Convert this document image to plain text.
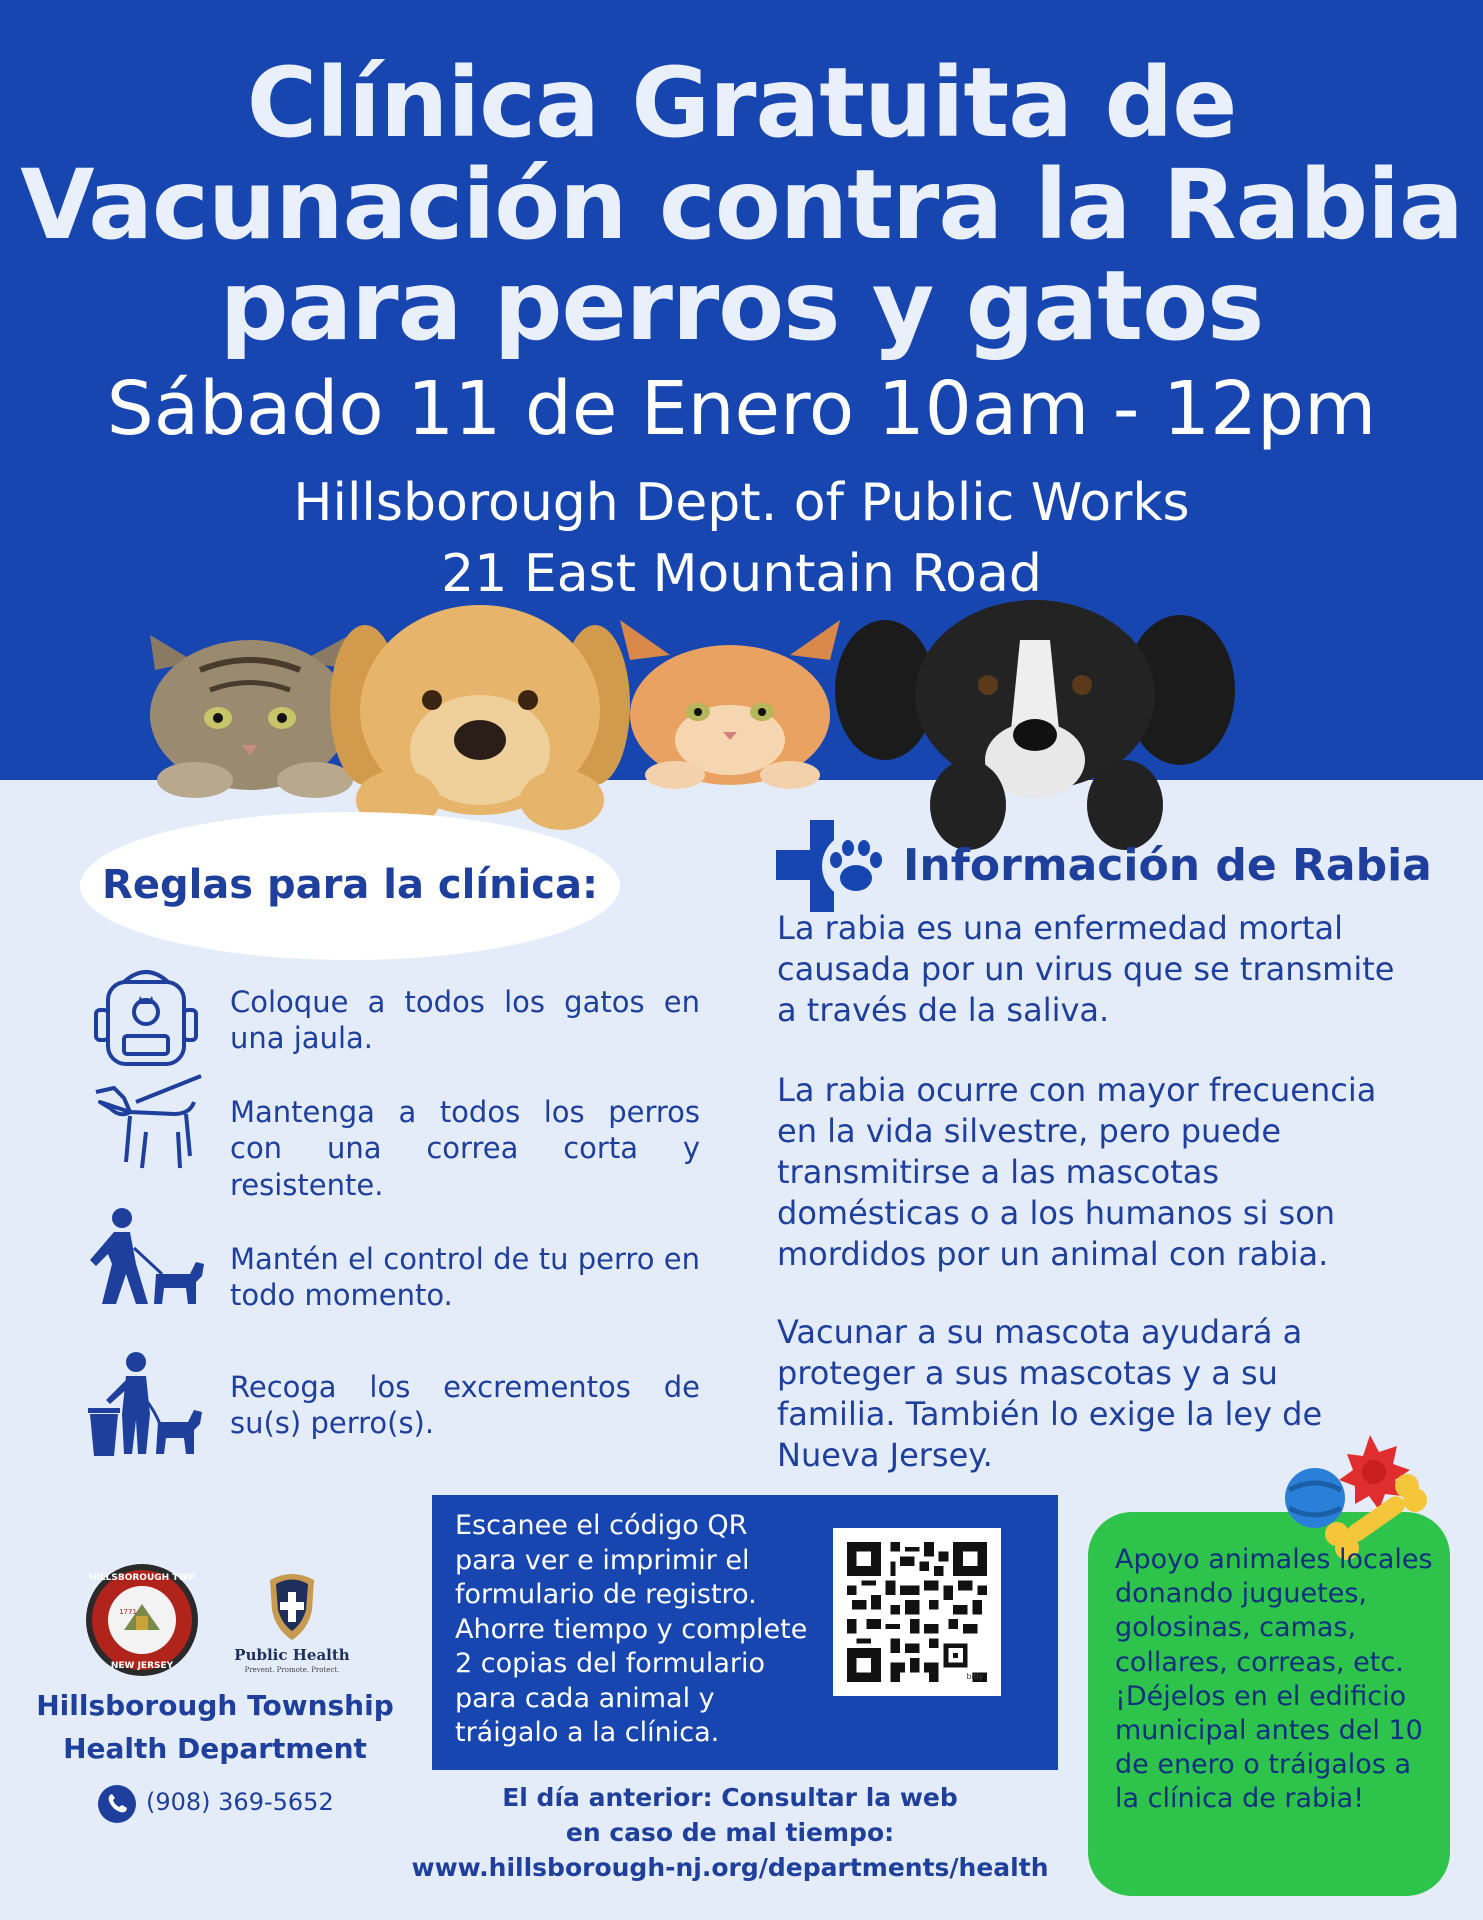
Clínica Gratuita de
Vacunación contra la Rabia
para perros y gatos
Sábado 11 de Enero 10am - 12pm
Hillsborough Dept. of Public Works
21 East Mountain Road
Reglas para la clínica:
Coloque a todos los gatos en una jaula.
Mantenga a todos los perros con una correa corta y resistente.
Mantén el control de tu perro en todo momento.
Recoga los excrementos de su(s) perro(s).
Información de Rabia
La rabia es una enfermedad mortal causada por un virus que se transmite a través de la saliva.
La rabia ocurre con mayor frecuencia en la vida silvestre, pero puede transmitirse a las mascotas domésticas o a los humanos si son mordidos por un animal con rabia.
Vacunar a su mascota ayudará a proteger a sus mascotas y a su familia. También lo exige la ley de Nueva Jersey.
HILLSBOROUGH TWP
NEW JERSEY
1771
Public Health
Prevent. Promote. Protect.
Hillsborough Township
Health Department
(908) 369-5652
Escanee el código QR para ver e imprimir el formulario de registro. Ahorre tiempo y complete 2 copias del formulario para cada animal y tráigalo a la clínica.
bitly
El día anterior: Consultar la web
en caso de mal tiempo:
www.hillsborough-nj.org/departments/health
Apoyo animales locales donando juguetes, golosinas, camas, collares, correas, etc. ¡Déjelos en el edificio municipal antes del 10 de enero o tráigalos a la clínica de rabia!
